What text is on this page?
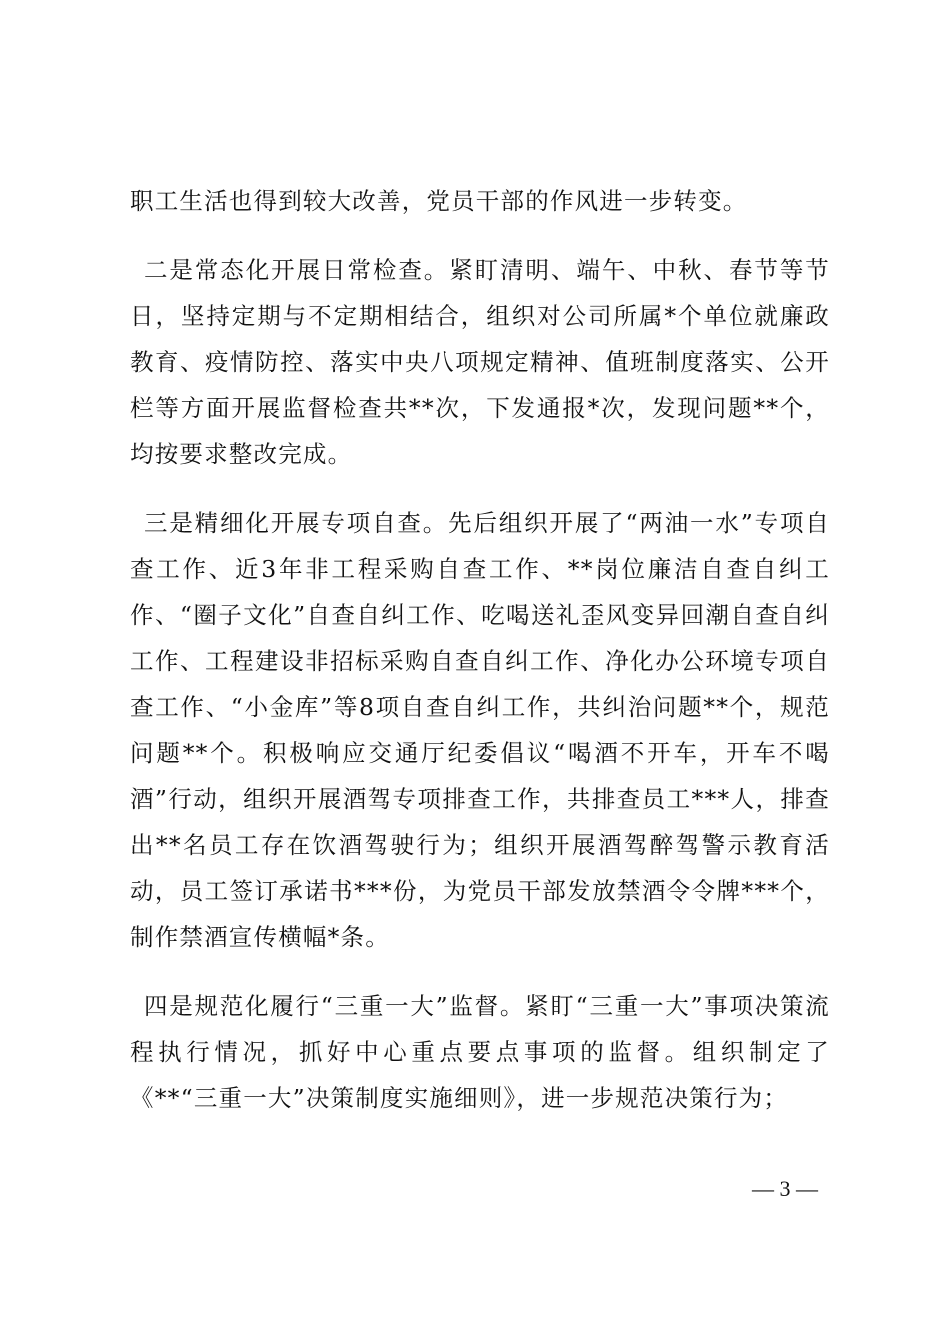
职工生活也得到较大改善，党员干部的作风进一步转变。

二是常态化开展日常检查。紧盯清明、端午、中秋、春节等节日，坚持定期与不定期相结合，组织对公司所属*个单位就廉政教育、疫情防控、落实中央八项规定精神、值班制度落实、公开栏等方面开展监督检查共**次，下发通报*次，发现问题**个，均按要求整改完成。

三是精细化开展专项自查。先后组织开展了“两油一水”专项自查工作、近3年非工程采购自查工作、**岗位廉洁自查自纠工作、“圈子文化”自查自纠工作、吃喝送礼歪风变异回潮自查自纠工作、工程建设非招标采购自查自纠工作、净化办公环境专项自查工作、“小金库”等8项自查自纠工作，共纠治问题**个，规范问题**个。积极响应交通厅纪委倡议“喝酒不开车，开车不喝酒”行动，组织开展酒驾专项排查工作，共排查员工***人，排查出**名员工存在饮酒驾驶行为；组织开展酒驾醉驾警示教育活动，员工签订承诺书***份，为党员干部发放禁酒令令牌***个，制作禁酒宣传横幅*条。

四是规范化履行“三重一大”监督。紧盯“三重一大”事项决策流程执行情况，抓好中心重点要点事项的监督。组织制定了《**“三重一大”决策制度实施细则》，进一步规范决策行为；

— 3 —
